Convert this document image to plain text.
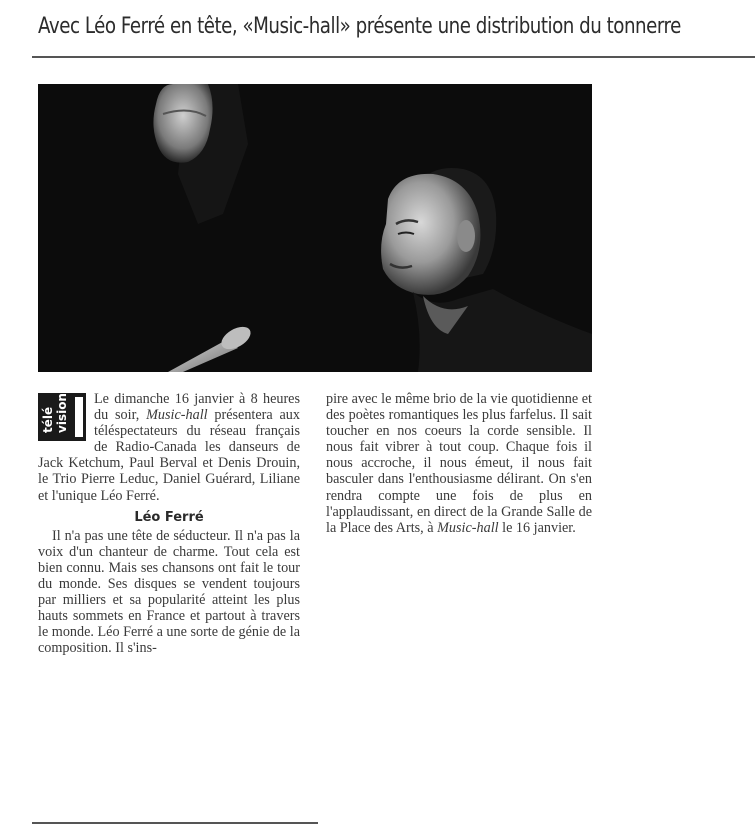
Avec Léo Ferré en tête, «Music-hall» présente une distribution du tonnerre
télé vision	Le dimanche 16 janvier à 8 heures du soir, Music-hall présentera aux téléspectateurs du réseau français de Radio-Canada les danseurs de Jack Ketchum, Paul Berval et Denis Drouin, le Trio Pierre Leduc, Daniel Guérard, Liliane et l'unique Léo Ferré.

Léo Ferré

Il n'a pas une tête de séducteur. Il n'a pas la voix d'un chanteur de charme. Tout cela est bien connu. Mais ses chansons ont fait le tour du monde. Ses disques se vendent toujours par milliers et sa popularité atteint les plus hauts sommets en France et partout à travers le monde. Léo Ferré a une sorte de génie de la composition. Il s'ins-

pire avec le même brio de la vie quotidienne et des poètes romantiques les plus farfelus. Il sait toucher en nos coeurs la corde sensible. Il nous fait vibrer à tout coup. Chaque fois il nous accroche, il nous émeut, il nous fait basculer dans l'enthousiasme délirant. On s'en rendra compte une fois de plus en l'applaudissant, en direct de la Grande Salle de la Place des Arts, à Music-hall le 16 janvier.
